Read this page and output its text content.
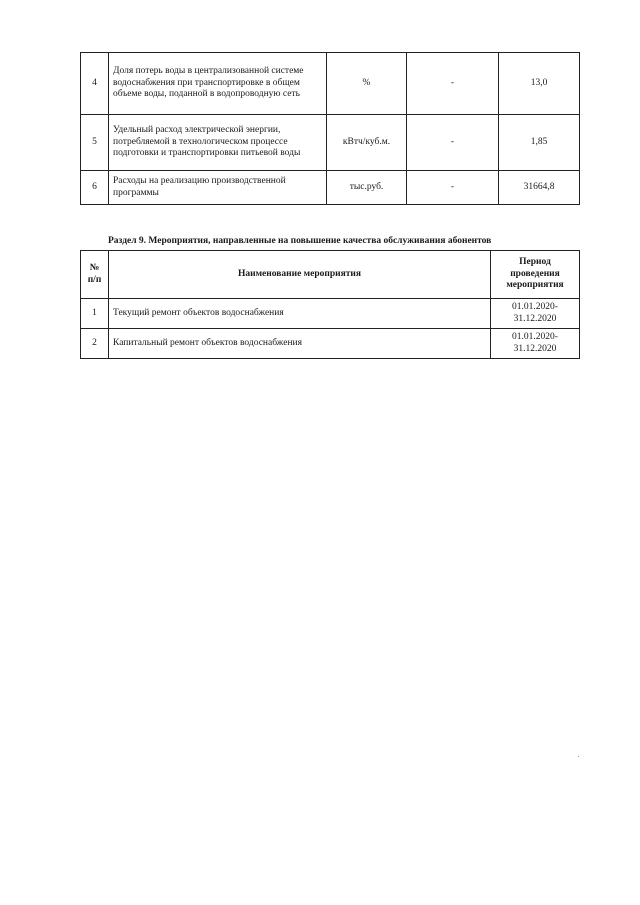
4	Доля потерь воды в централизованной системе водоснабжения при транспортировке в общем объеме воды, поданной в водопроводную сеть	%	-	13,0
5	Удельный расход электрической энергии, потребляемой в технологическом процессе подготовки и транспортировки питьевой воды	кВтч/куб.м.	-	1,85
6	Расходы на реализацию производственной программы	тыс.руб.	-	31664,8
Раздел 9. Мероприятия, направленные на повышение качества обслуживания абонентов
№ п/п	Наименование мероприятия	Период проведения мероприятия
1	Текущий ремонт объектов водоснабжения	01.01.2020-31.12.2020
2	Капитальный ремонт объектов водоснабжения	01.01.2020-31.12.2020
